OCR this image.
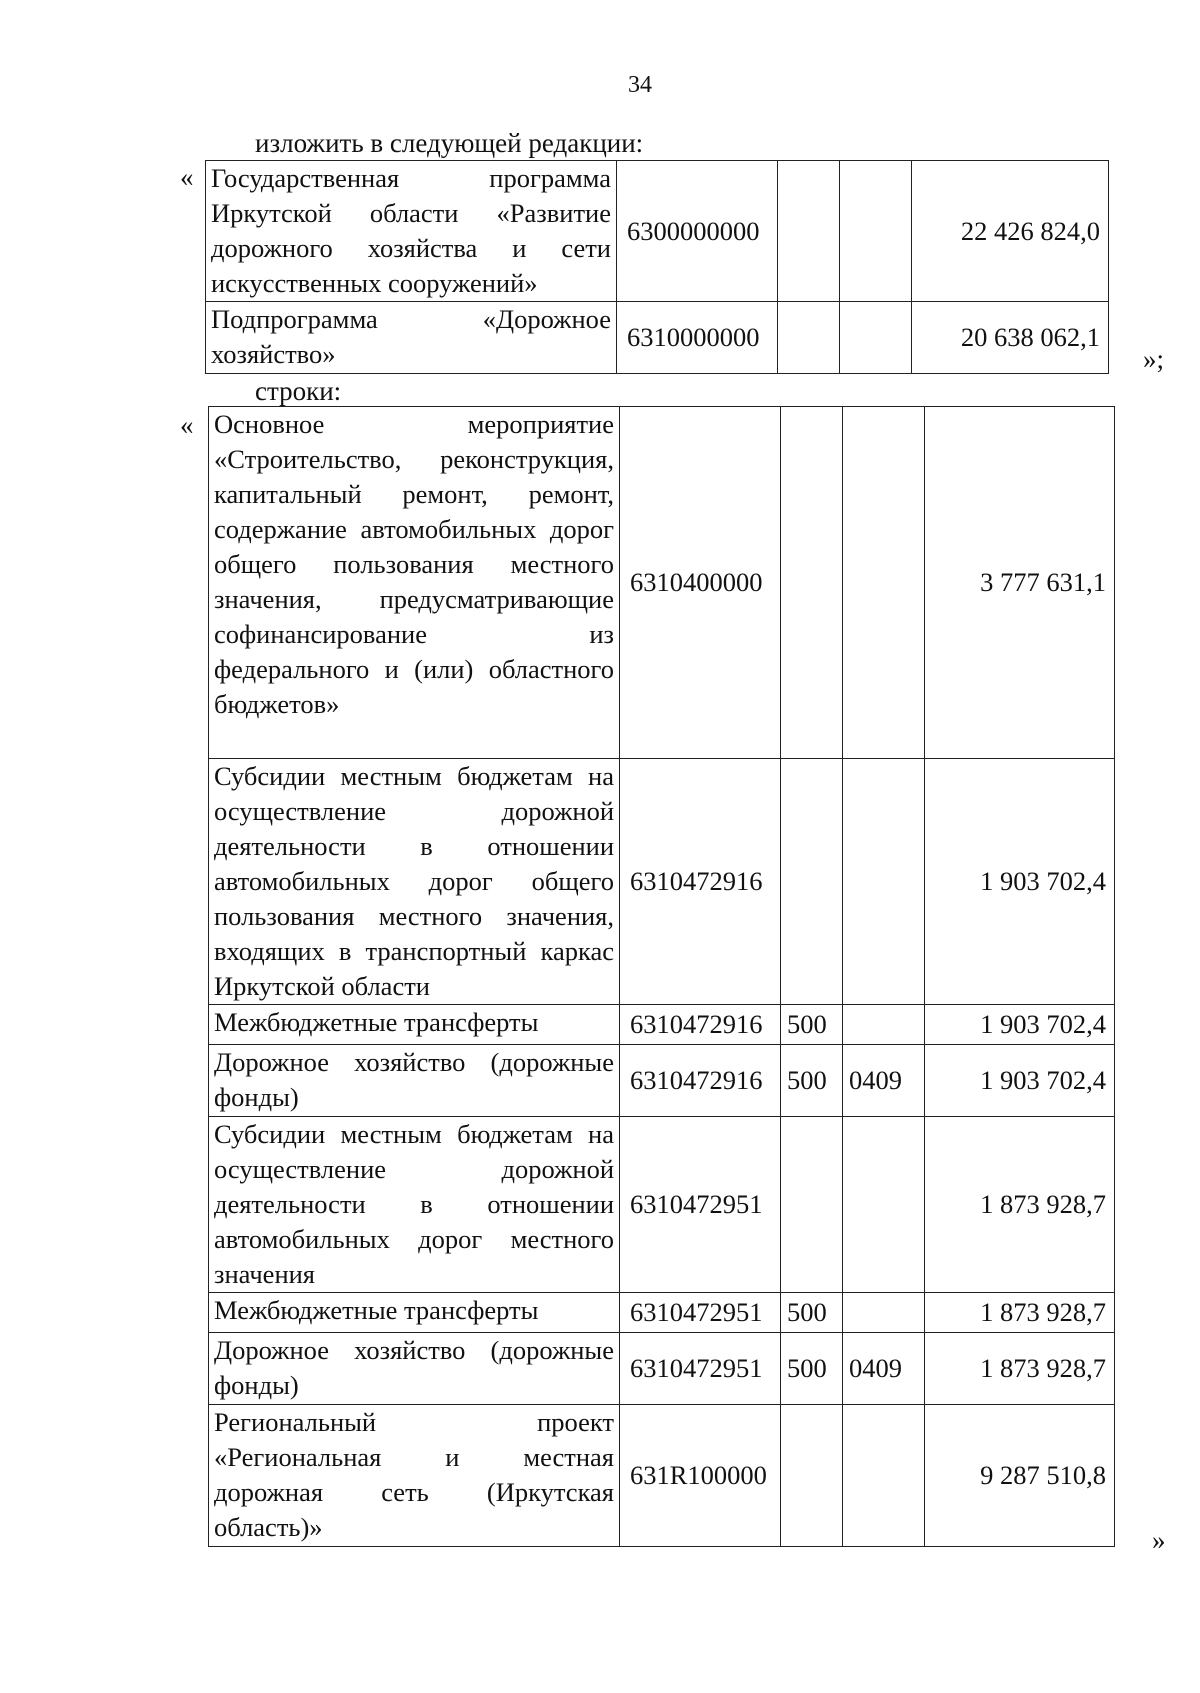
34
изложить в следующей редакции:
« Государственная программа Иркутской области «Развитие дорожного хозяйства и сети искусственных сооружений»	6300000000			22 426 824,0
Подпрограмма «Дорожное хозяйство»	6310000000			20 638 062,1
»;
строки:
« Основное мероприятие «Строительство, реконструкция, капитальный ремонт, ремонт, содержание автомобильных дорог общего пользования местного значения, предусматривающие софинансирование из федерального и (или) областного бюджетов»	6310400000			3 777 631,1
Субсидии местным бюджетам на осуществление дорожной деятельности в отношении автомобильных дорог общего пользования местного значения, входящих в транспортный каркас Иркутской области	6310472916			1 903 702,4
Межбюджетные трансферты	6310472916	500		1 903 702,4
Дорожное хозяйство (дорожные фонды)	6310472916	500	0409	1 903 702,4
Субсидии местным бюджетам на осуществление дорожной деятельности в отношении автомобильных дорог местного значения	6310472951			1 873 928,7
Межбюджетные трансферты	6310472951	500		1 873 928,7
Дорожное хозяйство (дорожные фонды)	6310472951	500	0409	1 873 928,7
Региональный проект «Региональная и местная дорожная сеть (Иркутская область)»	631R100000			9 287 510,8
»
